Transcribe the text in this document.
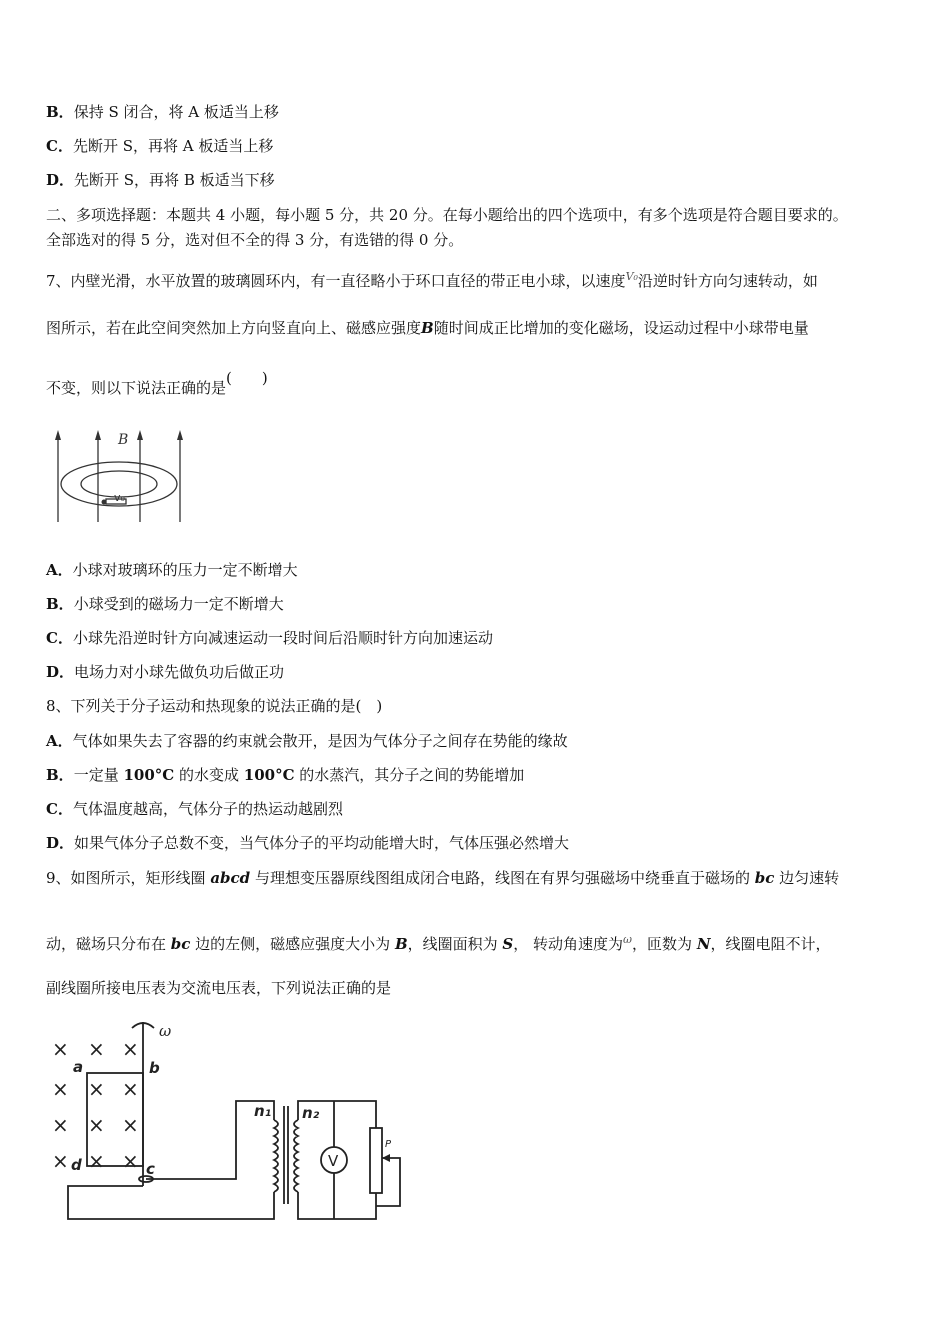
B．保持 S 闭合，将 A 板适当上移
C．先断开 S，再将 A 板适当上移
D．先断开 S，再将 B 板适当下移
二、多项选择题：本题共 4 小题，每小题 5 分，共 20 分。在每小题给出的四个选项中，有多个选项是符合题目要求的。
全部选对的得 5 分，选对但不全的得 3 分，有选错的得 0 分。
7、内壁光滑，水平放置的玻璃圆环内，有一直径略小于环口直径的带正电小球，以速度$^{V_0}$沿逆时针方向匀速转动，如
图所示，若在此空间突然加上方向竖直向上、磁感应强度B随时间成正比增加的变化磁场，设运动过程中小球带电量
不变，则以下说法正确的是(　　)
B
v₀
A．小球对玻璃环的压力一定不断增大
B．小球受到的磁场力一定不断增大
C．小球先沿逆时针方向减速运动一段时间后沿顺时针方向加速运动
D．电场力对小球先做负功后做正功
8、下列关于分子运动和热现象的说法正确的是(　)
A．气体如果失去了容器的约束就会散开，是因为气体分子之间存在势能的缘故
B．一定量 100°C 的水变成 100°C 的水蒸汽，其分子之间的势能增加
C．气体温度越高，气体分子的热运动越剧烈
D．如果气体分子总数不变，当气体分子的平均动能增大时，气体压强必然增大
9、如图所示，矩形线圈 abcd 与理想变压器原线图组成闭合电路，线图在有界匀强磁场中绕垂直于磁场的 bc 边匀速转
动，磁场只分布在 bc 边的左侧，磁感应强度大小为 B，线圈面积为 S， 转动角速度为$^\omega$，匝数为 N，线圈电阻不计，
副线圈所接电压表为交流电压表，下列说法正确的是
× × ×
× × ×
× × ×
× × ×
a	b
c
d
n₁ n₂
ω
V
P
